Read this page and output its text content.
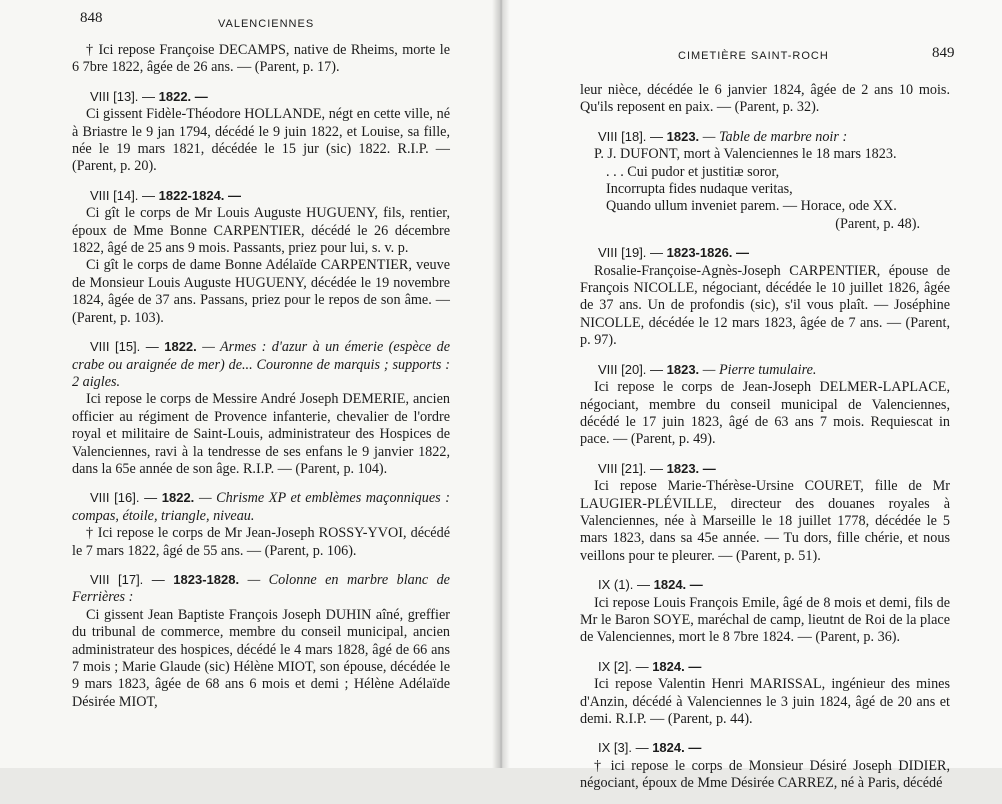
848	VALENCIENNES
CIMETIÈRE SAINT-ROCH	849

† Ici repose Françoise DECAMPS, native de Rheims, morte le 6 7bre 1822, âgée de 26 ans. — (Parent, p. 17).

VIII [13]. — 1822. —

Ci gissent Fidèle-Théodore HOLLANDE, négt en cette ville, né à Briastre le 9 jan 1794, décédé le 9 juin 1822, et Louise, sa fille, née le 19 mars 1821, décédée le 15 jur (sic) 1822. R.I.P. — (Parent, p. 20).

VIII [14]. — 1822-1824. —

Ci gît le corps de Mr Louis Auguste HUGUENY, fils, rentier, époux de Mme Bonne CARPENTIER, décédé le 26 décembre 1822, âgé de 25 ans 9 mois. Passants, priez pour lui, s. v. p.

Ci gît le corps de dame Bonne Adélaïde CARPENTIER, veuve de Monsieur Louis Auguste HUGUENY, décédée le 19 novembre 1824, âgée de 37 ans. Passans, priez pour le repos de son âme. — (Parent, p. 103).

VIII [15]. — 1822. — Armes : d'azur à un émerie (espèce de crabe ou araignée de mer) de... Couronne de marquis ; supports : 2 aigles.

Ici repose le corps de Messire André Joseph DEMERIE, ancien officier au régiment de Provence infanterie, chevalier de l'ordre royal et militaire de Saint-Louis, administrateur des Hospices de Valenciennes, ravi à la tendresse de ses enfans le 9 janvier 1822, dans la 65e année de son âge. R.I.P. — (Parent, p. 104).

VIII [16]. — 1822. — Chrisme XP et emblèmes maçonniques : compas, étoile, triangle, niveau.

† Ici repose le corps de Mr Jean-Joseph ROSSY-YVOI, décédé le 7 mars 1822, âgé de 55 ans. — (Parent, p. 106).

VIII [17]. — 1823-1828. — Colonne en marbre blanc de Ferrières :

Ci gissent Jean Baptiste François Joseph DUHIN aîné, greffier du tribunal de commerce, membre du conseil municipal, ancien administrateur des hospices, décédé le 4 mars 1828, âgé de 66 ans 7 mois ; Marie Glaude (sic) Hélène MIOT, son épouse, décédée le 9 mars 1823, âgée de 68 ans 6 mois et demi ; Hélène Adélaïde Désirée MIOT,

leur nièce, décédée le 6 janvier 1824, âgée de 2 ans 10 mois. Qu'ils reposent en paix. — (Parent, p. 32).

VIII [18]. — 1823. — Table de marbre noir :

P. J. DUFONT, mort à Valenciennes le 18 mars 1823.

. . . Cui pudor et justitiæ soror,

Incorrupta fides nudaque veritas,

Quando ullum inveniet parem. — Horace, ode XX.

(Parent, p. 48).

VIII [19]. — 1823-1826. —

Rosalie-Françoise-Agnès-Joseph CARPENTIER, épouse de François NICOLLE, négociant, décédée le 10 juillet 1826, âgée de 37 ans. Un de profondis (sic), s'il vous plaît. — Joséphine NICOLLE, décédée le 12 mars 1823, âgée de 7 ans. — (Parent, p. 97).

VIII [20]. — 1823. — Pierre tumulaire.

Ici repose le corps de Jean-Joseph DELMER-LAPLACE, négociant, membre du conseil municipal de Valenciennes, décédé le 17 juin 1823, âgé de 63 ans 7 mois. Requiescat in pace. — (Parent, p. 49).

VIII [21]. — 1823. —

Ici repose Marie-Thérèse-Ursine COURET, fille de Mr LAUGIER-PLÉVILLE, directeur des douanes royales à Valenciennes, née à Marseille le 18 juillet 1778, décédée le 5 mars 1823, dans sa 45e année. — Tu dors, fille chérie, et nous veillons pour te pleurer. — (Parent, p. 51).

IX (1). — 1824. —

Ici repose Louis François Emile, âgé de 8 mois et demi, fils de Mr le Baron SOYE, maréchal de camp, lieutnt de Roi de la place de Valenciennes, mort le 8 7bre 1824. — (Parent, p. 36).

IX [2]. — 1824. —

Ici repose Valentin Henri MARISSAL, ingénieur des mines d'Anzin, décédé à Valenciennes le 3 juin 1824, âgé de 20 ans et demi. R.I.P. — (Parent, p. 44).

IX [3]. — 1824. —

† ici repose le corps de Monsieur Désiré Joseph DIDIER, négociant, époux de Mme Désirée CARREZ, né à Paris, décédé
